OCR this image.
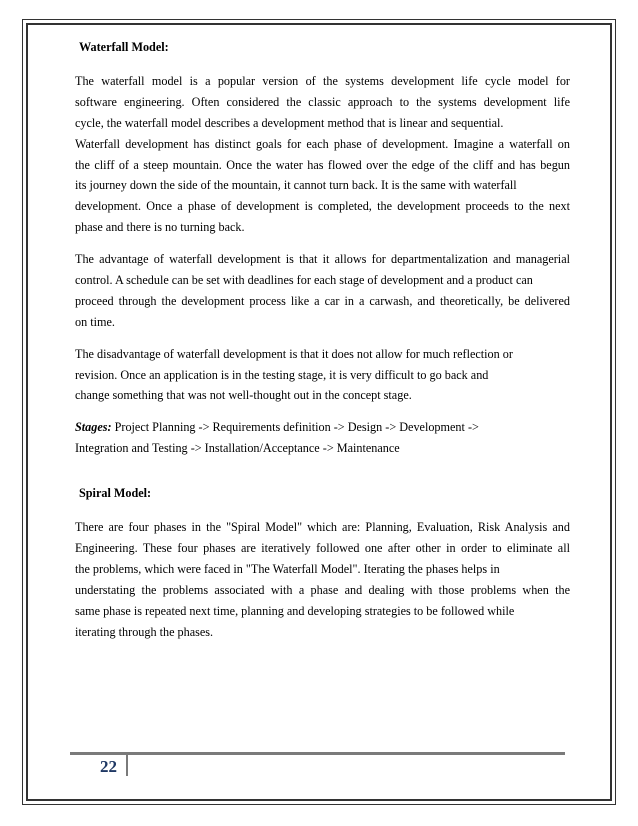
Waterfall Model:
The waterfall model is a popular version of the systems development life cycle model for
software engineering. Often considered the classic approach to the systems development life
cycle, the waterfall model describes a development method that is linear and sequential.
Waterfall development has distinct goals for each phase of development. Imagine a waterfall on
the cliff of a steep mountain. Once the water has flowed over the edge of the cliff and has begun
its journey down the side of the mountain, it cannot turn back. It is the same with waterfall
development. Once a phase of development is completed, the development proceeds to the next
phase and there is no turning back.
The advantage of waterfall development is that it allows for departmentalization and managerial
control. A schedule can be set with deadlines for each stage of development and a product can
proceed through the development process like a car in a carwash, and theoretically, be delivered
on time.
The disadvantage of waterfall development is that it does not allow for much reflection or
revision. Once an application is in the testing stage, it is very difficult to go back and
change something that was not well-thought out in the concept stage.
Stages: Project Planning -> Requirements definition -> Design -> Development ->
Integration and Testing -> Installation/Acceptance -> Maintenance
Spiral Model:
There are four phases in the "Spiral Model" which are: Planning, Evaluation, Risk Analysis and
Engineering. These four phases are iteratively followed one after other in order to eliminate all
the problems, which were faced in "The Waterfall Model". Iterating the phases helps in
understating the problems associated with a phase and dealing with those problems when the
same phase is repeated next time, planning and developing strategies to be followed while
iterating through the phases.
22
